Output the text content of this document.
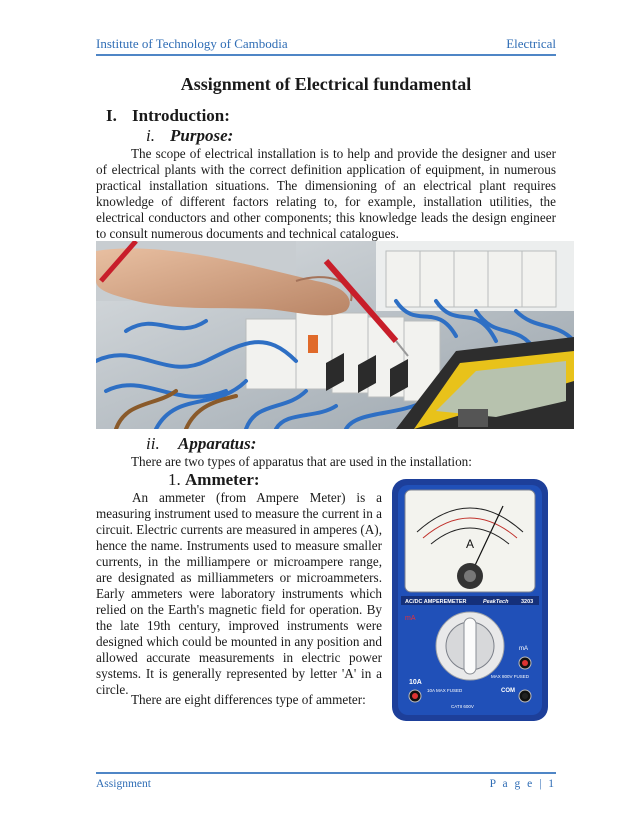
Institute of Technology of Cambodia	Electrical
Assignment of Electrical fundamental
I. Introduction:
i. Purpose:

The scope of electrical installation is to help and provide the designer and user of electrical plants with the correct definition application of equipment, in numerous practical installation situations. The dimensioning of an electrical plant requires knowledge of different factors relating to, for example, installation utilities, the electrical conductors and other components; this knowledge leads the design engineer to consult numerous documents and technical catalogues.

ii. Apparatus:

There are two types of apparatus that are used in the installation:

1. Ammeter:

An ammeter (from Ampere Meter) is a measuring instrument used to measure the current in a circuit. Electric currents are measured in amperes (A), hence the name. Instruments used to measure smaller currents, in the milliampere or microampere range, are designated as milliammeters or microammeters. Early ammeters were laboratory instruments which relied on the Earth's magnetic field for operation. By the late 19th century, improved instruments were designed which could be mounted in any position and allowed accurate measurements in electric power systems. It is generally represented by letter 'A' in a circle.

There are eight differences type of ammeter:

A
AC/DC AMPEREMETER	PeakTech 3203
mA
10A
10A MAX FUSED
mA
MAX 800V FUSED
COM
CATII 600V
Assignment	P a g e | 1
